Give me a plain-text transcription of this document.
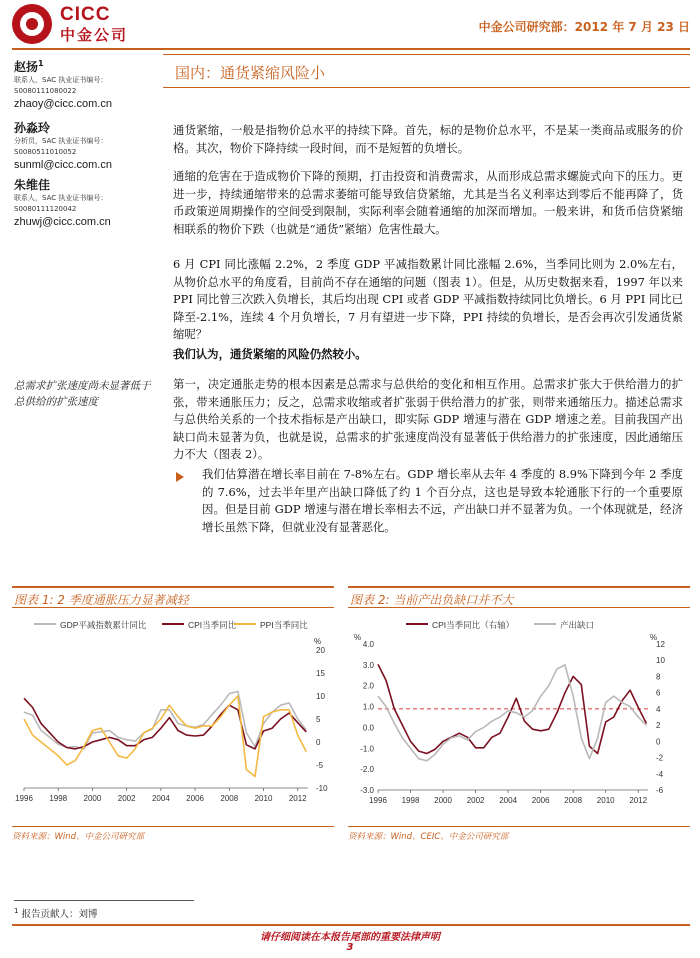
CICC
中金公司	中金公司研究部：2012 年 7 月 23 日
赵扬$^1$
联系人，SAC 执业证书编号：
S0080111080022
zhaoy@cicc.com.cn
孙淼玲
分析员，SAC 执业证书编号：
S0080511010052
sunml@cicc.com.cn
朱维佳
联系人，SAC 执业证书编号：
S0080111120042
zhuwj@cicc.com.cn
国内：通货紧缩风险小

通货紧缩，一般是指物价总水平的持续下降。首先，标的是物价总水平，不是某一类商品或服务的价格。其次，物价下降持续一段时间，而不是短暂的负增长。

通缩的危害在于造成物价下降的预期，打击投资和消费需求，从而形成总需求螺旋式向下的压力。更进一步，持续通缩带来的总需求萎缩可能导致信贷紧缩，尤其是当名义利率达到零后不能再降了，货币政策逆周期操作的空间受到限制，实际利率会随着通缩的加深而增加。一般来讲，和货币信贷紧缩相联系的物价下跌（也就是“通货”紧缩）危害性最大。

6 月 CPI 同比涨幅 2.2%，2 季度 GDP 平减指数累计同比涨幅 2.6%，当季同比则为 2.0%左右，从物价总水平的角度看，目前尚不存在通缩的问题（图表 1）。但是，从历史数据来看，1997 年以来 PPI 同比曾三次跌入负增长，其后均出现 CPI 或者 GDP 平减指数持续同比负增长。6 月 PPI 同比已降至-2.1%，连续 4 个月负增长，7 月有望进一步下降，PPI 持续的负增长，是否会再次引发通货紧缩呢？

我们认为，通货紧缩的风险仍然较小。

总需求扩张速度尚未显著低于总供给的扩张速度

第一，决定通胀走势的根本因素是总需求与总供给的变化和相互作用。总需求扩张大于供给潜力的扩张，带来通胀压力；反之，总需求收缩或者扩张弱于供给潜力的扩张，则带来通缩压力。描述总需求与总供给关系的一个技术指标是产出缺口，即实际 GDP 增速与潜在 GDP 增速之差。目前我国产出缺口尚未显著为负，也就是说，总需求的扩张速度尚没有显著低于供给潜力的扩张速度，因此通缩压力不大（图表 2）。

我们估算潜在增长率目前在 7-8%左右。GDP 增长率从去年 4 季度的 8.9%下降到今年 2 季度的 7.6%，过去半年里产出缺口降低了约 1 个百分点，这也是导致本轮通胀下行的一个重要原因。但是目前 GDP 增速与潜在增长率相去不远，产出缺口并不显著为负。一个体现就是，经济增长虽然下降，但就业没有显著恶化。

图表 1: 2 季度通胀压力显著减轻
GDP平减指数累计同比	CPI当季同比	PPI当季同比
%
20
15
10
5
0
-5
-10
1996 1998 2000 2002 2004 2006 2008 2010 2012
资料来源：Wind、中金公司研究部
图表 2: 当前产出负缺口并不大
CPI当季同比（右轴）	产出缺口
%	%
4.0
3.0
2.0
1.0
0.0
-1.0
-2.0
-3.0
12
10
8
6
4
2
0
-2
-4
-6
1996 1998 2000 2002 2004 2006 2008 2010 2012
资料来源：Wind、CEIC、中金公司研究部
$^1$ 报告贡献人：刘博
请仔细阅读在本报告尾部的重要法律声明
3
